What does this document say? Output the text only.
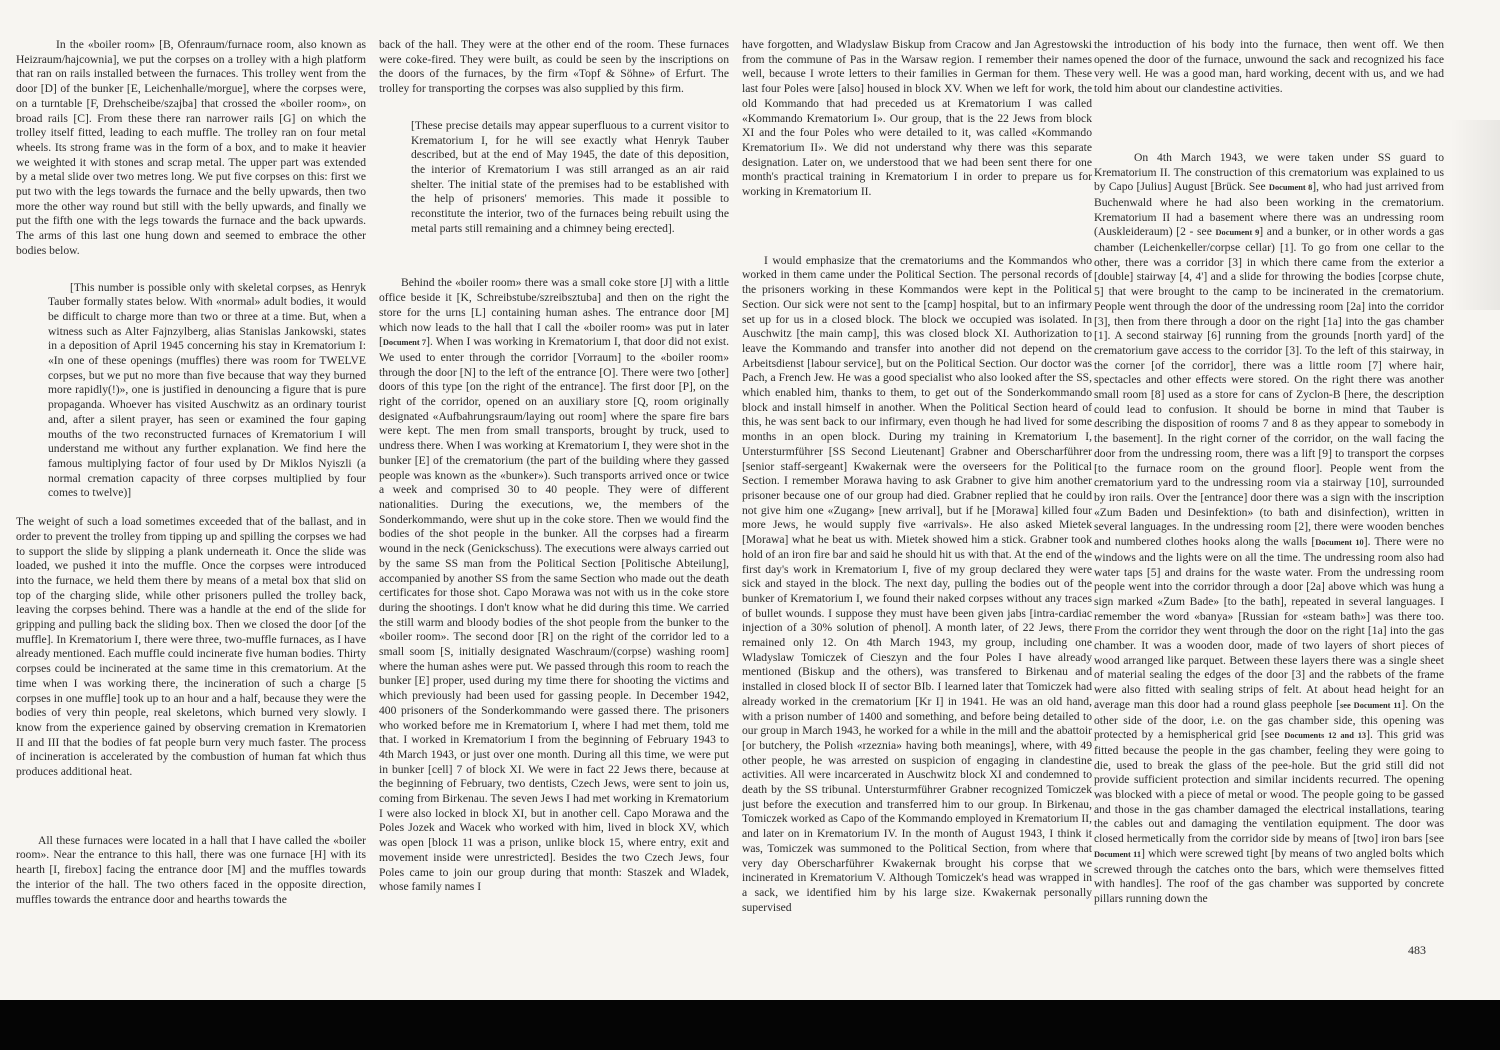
In the «boiler room» [B, Ofenraum/furnace room, also known as Heizraum/hajcownia], we put the corpses on a trolley with a high platform that ran on rails installed between the furnaces. This trolley went from the door [D] of the bunker [E, Leichenhalle/morgue], where the corpses were, on a turntable [F, Drehscheibe/szajba] that crossed the «boiler room», on broad rails [C]. From these there ran narrower rails [G] on which the trolley itself fitted, leading to each muffle. The trolley ran on four metal wheels. Its strong frame was in the form of a box, and to make it heavier we weighted it with stones and scrap metal. The upper part was extended by a metal slide over two metres long. We put five corpses on this: first we put two with the legs towards the furnace and the belly upwards, then two more the other way round but still with the belly upwards, and finally we put the fifth one with the legs towards the furnace and the back upwards. The arms of this last one hung down and seemed to embrace the other bodies below.

[This number is possible only with skeletal corpses, as Henryk Tauber formally states below. With «normal» adult bodies, it would be difficult to charge more than two or three at a time. But, when a witness such as Alter Fajnzylberg, alias Stanislas Jankowski, states in a deposition of April 1945 concerning his stay in Krematorium I: «In one of these openings (muffles) there was room for TWELVE corpses, but we put no more than five because that way they burned more rapidly(!)», one is justified in denouncing a figure that is pure propaganda. Whoever has visited Auschwitz as an ordinary tourist and, after a silent prayer, has seen or examined the four gaping mouths of the two reconstructed furnaces of Krematorium I will understand me without any further explanation. We find here the famous multiplying factor of four used by Dr Miklos Nyiszli (a normal cremation capacity of three corpses multiplied by four comes to twelve)]

The weight of such a load sometimes exceeded that of the ballast, and in order to prevent the trolley from tipping up and spilling the corpses we had to support the slide by slipping a plank underneath it. Once the slide was loaded, we pushed it into the muffle. Once the corpses were introduced into the furnace, we held them there by means of a metal box that slid on top of the charging slide, while other prisoners pulled the trolley back, leaving the corpses behind. There was a handle at the end of the slide for gripping and pulling back the sliding box. Then we closed the door [of the muffle]. In Krematorium I, there were three, two-muffle furnaces, as I have already mentioned. Each muffle could incinerate five human bodies. Thirty corpses could be incinerated at the same time in this crematorium. At the time when I was working there, the incineration of such a charge [5 corpses in one muffle] took up to an hour and a half, because they were the bodies of very thin people, real skeletons, which burned very slowly. I know from the experience gained by observing cremation in Krematorien II and III that the bodies of fat people burn very much faster. The process of incineration is accelerated by the combustion of human fat which thus produces additional heat.

All these furnaces were located in a hall that I have called the «boiler room». Near the entrance to this hall, there was one furnace [H] with its hearth [I, firebox] facing the entrance door [M] and the muffles towards the interior of the hall. The two others faced in the opposite direction, muffles towards the entrance door and hearths towards the

back of the hall. They were at the other end of the room. These furnaces were coke-fired. They were built, as could be seen by the inscriptions on the doors of the furnaces, by the firm «Topf & Söhne» of Erfurt. The trolley for transporting the corpses was also supplied by this firm.

[These precise details may appear superfluous to a current visitor to Krematorium I, for he will see exactly what Henryk Tauber described, but at the end of May 1945, the date of this deposition, the interior of Krematorium I was still arranged as an air raid shelter. The initial state of the premises had to be established with the help of prisoners' memories. This made it possible to reconstitute the interior, two of the furnaces being rebuilt using the metal parts still remaining and a chimney being erected].

Behind the «boiler room» there was a small coke store [J] with a little office beside it [K, Schreibstube/szreibsztuba] and then on the right the store for the urns [L] containing human ashes. The entrance door [M] which now leads to the hall that I call the «boiler room» was put in later [Document 7]. When I was working in Krematorium I, that door did not exist. We used to enter through the corridor [Vorraum] to the «boiler room» through the door [N] to the left of the entrance [O]. There were two [other] doors of this type [on the right of the entrance]. The first door [P], on the right of the corridor, opened on an auxiliary store [Q, room originally designated «Aufbahrungsraum/laying out room] where the spare fire bars were kept. The men from small transports, brought by truck, used to undress there. When I was working at Krematorium I, they were shot in the bunker [E] of the crematorium (the part of the building where they gassed people was known as the «bunker»). Such transports arrived once or twice a week and comprised 30 to 40 people. They were of different nationalities. During the executions, we, the members of the Sonderkommando, were shut up in the coke store. Then we would find the bodies of the shot people in the bunker. All the corpses had a firearm wound in the neck (Genickschuss). The executions were always carried out by the same SS man from the Political Section [Politische Abteilung], accompanied by another SS from the same Section who made out the death certificates for those shot. Capo Morawa was not with us in the coke store during the shootings. I don't know what he did during this time. We carried the still warm and bloody bodies of the shot people from the bunker to the «boiler room». The second door [R] on the right of the corridor led to a small soom [S, initially designated Waschraum/(corpse) washing room] where the human ashes were put. We passed through this room to reach the bunker [E] proper, used during my time there for shooting the victims and which previously had been used for gassing people. In December 1942, 400 prisoners of the Sonderkommando were gassed there. The prisoners who worked before me in Krematorium I, where I had met them, told me that. I worked in Krematorium I from the beginning of February 1943 to 4th March 1943, or just over one month. During all this time, we were put in bunker [cell] 7 of block XI. We were in fact 22 Jews there, because at the beginning of February, two dentists, Czech Jews, were sent to join us, coming from Birkenau. The seven Jews I had met working in Krematorium I were also locked in block XI, but in another cell. Capo Morawa and the Poles Jozek and Wacek who worked with him, lived in block XV, which was open [block 11 was a prison, unlike block 15, where entry, exit and movement inside were unrestricted]. Besides the two Czech Jews, four Poles came to join our group during that month: Staszek and Wladek, whose family names I

have forgotten, and Wladyslaw Biskup from Cracow and Jan Agrestowski from the commune of Pas in the Warsaw region. I remember their names well, because I wrote letters to their families in German for them. These last four Poles were [also] housed in block XV. When we left for work, the old Kommando that had preceded us at Krematorium I was called «Kommando Krematorium I». Our group, that is the 22 Jews from block XI and the four Poles who were detailed to it, was called «Kommando Krematorium II». We did not understand why there was this separate designation. Later on, we understood that we had been sent there for one month's practical training in Krematorium I in order to prepare us for working in Krematorium II.

I would emphasize that the crematoriums and the Kommandos who worked in them came under the Political Section. The personal records of the prisoners working in these Kommandos were kept in the Political Section. Our sick were not sent to the [camp] hospital, but to an infirmary set up for us in a closed block. The block we occupied was isolated. In Auschwitz [the main camp], this was closed block XI. Authorization to leave the Kommando and transfer into another did not depend on the Arbeitsdienst [labour service], but on the Political Section. Our doctor was Pach, a French Jew. He was a good specialist who also looked after the SS, which enabled him, thanks to them, to get out of the Sonderkommando block and install himself in another. When the Political Section heard of this, he was sent back to our infirmary, even though he had lived for some months in an open block. During my training in Krematorium I, Untersturmführer [SS Second Lieutenant] Grabner and Oberscharführer [senior staff-sergeant] Kwakernak were the overseers for the Political Section. I remember Morawa having to ask Grabner to give him another prisoner because one of our group had died. Grabner replied that he could not give him one «Zugang» [new arrival], but if he [Morawa] killed four more Jews, he would supply five «arrivals». He also asked Mietek [Morawa] what he beat us with. Mietek showed him a stick. Grabner took hold of an iron fire bar and said he should hit us with that. At the end of the first day's work in Krematorium I, five of my group declared they were sick and stayed in the block. The next day, pulling the bodies out of the bunker of Krematorium I, we found their naked corpses without any traces of bullet wounds. I suppose they must have been given jabs [intra-cardiac injection of a 30% solution of phenol]. A month later, of 22 Jews, there remained only 12. On 4th March 1943, my group, including one Wladyslaw Tomiczek of Cieszyn and the four Poles I have already mentioned (Biskup and the others), was transfered to Birkenau and installed in closed block II of sector BIb. I learned later that Tomiczek had already worked in the crematorium [Kr I] in 1941. He was an old hand, with a prison number of 1400 and something, and before being detailed to our group in March 1943, he worked for a while in the mill and the abattoir [or butchery, the Polish «rzeznia» having both meanings], where, with 49 other people, he was arrested on suspicion of engaging in clandestine activities. All were incarcerated in Auschwitz block XI and condemned to death by the SS tribunal. Untersturmführer Grabner recognized Tomiczek just before the execution and transferred him to our group. In Birkenau, Tomiczek worked as Capo of the Kommando employed in Krematorium II, and later on in Krematorium IV. In the month of August 1943, I think it was, Tomiczek was summoned to the Political Section, from where that very day Oberscharführer Kwakernak brought his corpse that we incinerated in Krematorium V. Although Tomiczek's head was wrapped in a sack, we identified him by his large size. Kwakernak personally supervised

the introduction of his body into the furnace, then went off. We then opened the door of the furnace, unwound the sack and recognized his face very well. He was a good man, hard working, decent with us, and we had told him about our clandestine activities.

On 4th March 1943, we were taken under SS guard to Krematorium II. The construction of this crematorium was explained to us by Capo [Julius] August [Brück. See Document 8], who had just arrived from Buchenwald where he had also been working in the crematorium. Krematorium II had a basement where there was an undressing room (Auskleideraum) [2 - see Document 9] and a bunker, or in other words a gas chamber (Leichenkeller/corpse cellar) [1]. To go from one cellar to the other, there was a corridor [3] in which there came from the exterior a [double] stairway [4, 4'] and a slide for throwing the bodies [corpse chute, 5] that were brought to the camp to be incinerated in the crematorium. People went through the door of the undressing room [2a] into the corridor [3], then from there through a door on the right [1a] into the gas chamber [1]. A second stairway [6] running from the grounds [north yard] of the crematorium gave access to the corridor [3]. To the left of this stairway, in the corner [of the corridor], there was a little room [7] where hair, spectacles and other effects were stored. On the right there was another small room [8] used as a store for cans of Zyclon-B [here, the description could lead to confusion. It should be borne in mind that Tauber is describing the disposition of rooms 7 and 8 as they appear to somebody in the basement]. In the right corner of the corridor, on the wall facing the door from the undressing room, there was a lift [9] to transport the corpses [to the furnace room on the ground floor]. People went from the crematorium yard to the undressing room via a stairway [10], surrounded by iron rails. Over the [entrance] door there was a sign with the inscription «Zum Baden und Desinfektion» (to bath and disinfection), written in several languages. In the undressing room [2], there were wooden benches and numbered clothes hooks along the walls [Document 10]. There were no windows and the lights were on all the time. The undressing room also had water taps [5] and drains for the waste water. From the undressing room people went into the corridor through a door [2a] above which was hung a sign marked «Zum Bade» [to the bath], repeated in several languages. I remember the word «banya» [Russian for «steam bath»] was there too. From the corridor they went through the door on the right [1a] into the gas chamber. It was a wooden door, made of two layers of short pieces of wood arranged like parquet. Between these layers there was a single sheet of material sealing the edges of the door [3] and the rabbets of the frame were also fitted with sealing strips of felt. At about head height for an average man this door had a round glass peephole [see Document 11]. On the other side of the door, i.e. on the gas chamber side, this opening was protected by a hemispherical grid [see Documents 12 and 13]. This grid was fitted because the people in the gas chamber, feeling they were going to die, used to break the glass of the pee-hole. But the grid still did not provide sufficient protection and similar incidents recurred. The opening was blocked with a piece of metal or wood. The people going to be gassed and those in the gas chamber damaged the electrical installations, tearing the cables out and damaging the ventilation equipment. The door was closed hermetically from the corridor side by means of [two] iron bars [see Document 11] which were screwed tight [by means of two angled bolts which screwed through the catches onto the bars, which were themselves fitted with handles]. The roof of the gas chamber was supported by concrete pillars running down the

483
